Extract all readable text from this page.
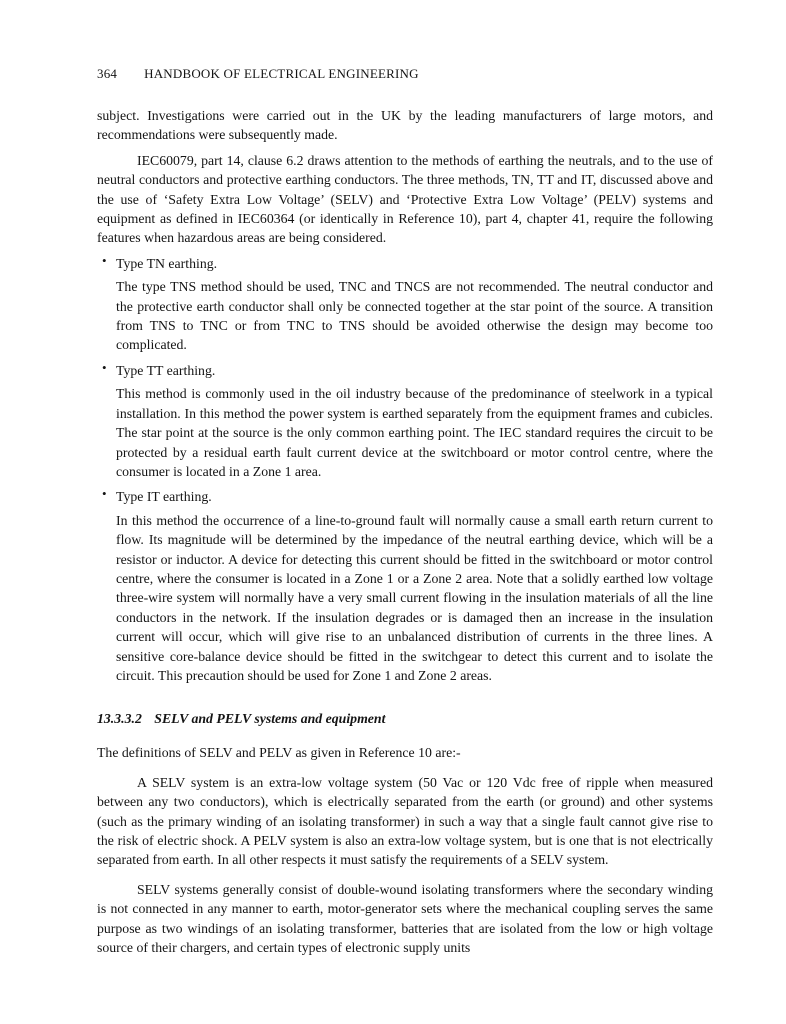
364 HANDBOOK OF ELECTRICAL ENGINEERING

subject. Investigations were carried out in the UK by the leading manufacturers of large motors, and recommendations were subsequently made.

IEC60079, part 14, clause 6.2 draws attention to the methods of earthing the neutrals, and to the use of neutral conductors and protective earthing conductors. The three methods, TN, TT and IT, discussed above and the use of ‘Safety Extra Low Voltage’ (SELV) and ‘Protective Extra Low Voltage’ (PELV) systems and equipment as defined in IEC60364 (or identically in Reference 10), part 4, chapter 41, require the following features when hazardous areas are being considered.

• Type TN earthing.

The type TNS method should be used, TNC and TNCS are not recommended. The neutral conductor and the protective earth conductor shall only be connected together at the star point of the source. A transition from TNS to TNC or from TNC to TNS should be avoided otherwise the design may become too complicated.

• Type TT earthing.

This method is commonly used in the oil industry because of the predominance of steelwork in a typical installation. In this method the power system is earthed separately from the equipment frames and cubicles. The star point at the source is the only common earthing point. The IEC standard requires the circuit to be protected by a residual earth fault current device at the switchboard or motor control centre, where the consumer is located in a Zone 1 area.

• Type IT earthing.

In this method the occurrence of a line-to-ground fault will normally cause a small earth return current to flow. Its magnitude will be determined by the impedance of the neutral earthing device, which will be a resistor or inductor. A device for detecting this current should be fitted in the switchboard or motor control centre, where the consumer is located in a Zone 1 or a Zone 2 area. Note that a solidly earthed low voltage three-wire system will normally have a very small current flowing in the insulation materials of all the line conductors in the network. If the insulation degrades or is damaged then an increase in the insulation current will occur, which will give rise to an unbalanced distribution of currents in the three lines. A sensitive core-balance device should be fitted in the switchgear to detect this current and to isolate the circuit. This precaution should be used for Zone 1 and Zone 2 areas.

13.3.3.2 SELV and PELV systems and equipment

The definitions of SELV and PELV as given in Reference 10 are:-

A SELV system is an extra-low voltage system (50 Vac or 120 Vdc free of ripple when measured between any two conductors), which is electrically separated from the earth (or ground) and other systems (such as the primary winding of an isolating transformer) in such a way that a single fault cannot give rise to the risk of electric shock. A PELV system is also an extra-low voltage system, but is one that is not electrically separated from earth. In all other respects it must satisfy the requirements of a SELV system.

SELV systems generally consist of double-wound isolating transformers where the secondary winding is not connected in any manner to earth, motor-generator sets where the mechanical coupling serves the same purpose as two windings of an isolating transformer, batteries that are isolated from the low or high voltage source of their chargers, and certain types of electronic supply units
